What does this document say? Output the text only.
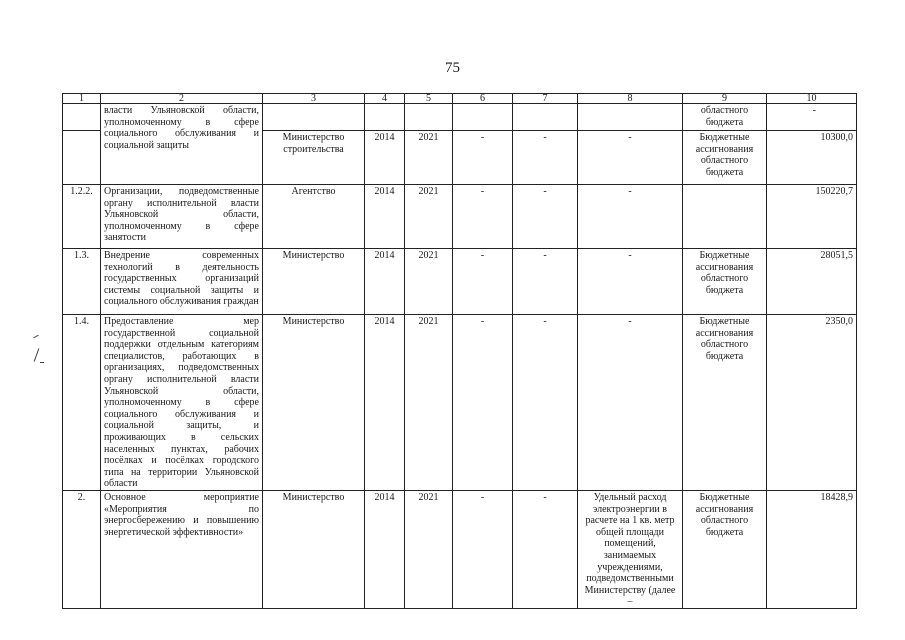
75
1	2	3	4	5	6	7	8	9	10
	власти Ульяновской области, уполномоченному в сфере социального обслуживания и социальной защиты							областного бюджета	-
		Министерство строительства	2014	2021	-	-	-	Бюджетные ассигнования областного бюджета	10300,0
1.2.2.	Организации, подведомственные органу исполнительной власти Ульяновской области, уполномоченному в сфере занятости	Агентство	2014	2021	-	-	-		150220,7
1.3.	Внедрение современных технологий в деятельность государственных организаций системы социальной защиты и социального обслуживания граждан	Министерство	2014	2021	-	-	-	Бюджетные ассигнования областного бюджета	28051,5
1.4.	Предоставление мер государственной социальной поддержки отдельным категориям специалистов, работающих в организациях, подведомственных органу исполнительной власти Ульяновской области, уполномоченному в сфере социального обслуживания и социальной защиты, и проживающих в сельских населенных пунктах, рабочих посёлках и посёлках городского типа на территории Ульяновской области	Министерство	2014	2021	-	-	-	Бюджетные ассигнования областного бюджета	2350,0
2.	Основное мероприятие «Мероприятия по энергосбережению и повышению энергетической эффективности»	Министерство	2014	2021	-	-	Удельный расход электроэнергии в расчете на 1 кв. метр общей площади помещений, занимаемых учреждениями, подведомственными Министерству (далее –	Бюджетные ассигнования областного бюджета	18428,9
